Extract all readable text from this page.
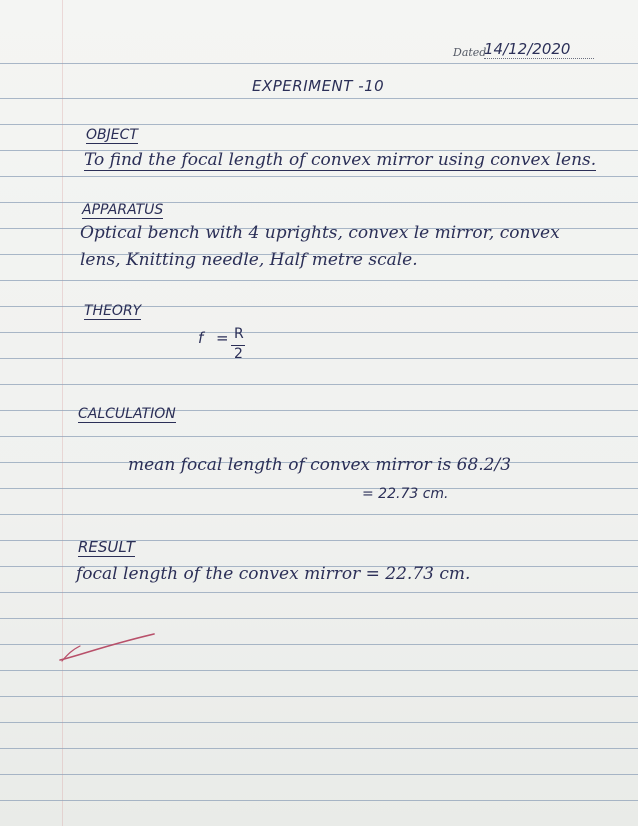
Dated
14/12/2020
EXPERIMENT -10
OBJECT
To find the focal length of convex mirror using convex lens.
APPARATUS
Optical bench with 4 uprights, convex le mirror, convex
lens, Knitting needle, Half metre scale.
THEORY
f = R
2
CALCULATION
mean focal length of convex mirror is 68.2/3
= 22.73 cm.
RESULT
focal length of the convex mirror = 22.73 cm.
